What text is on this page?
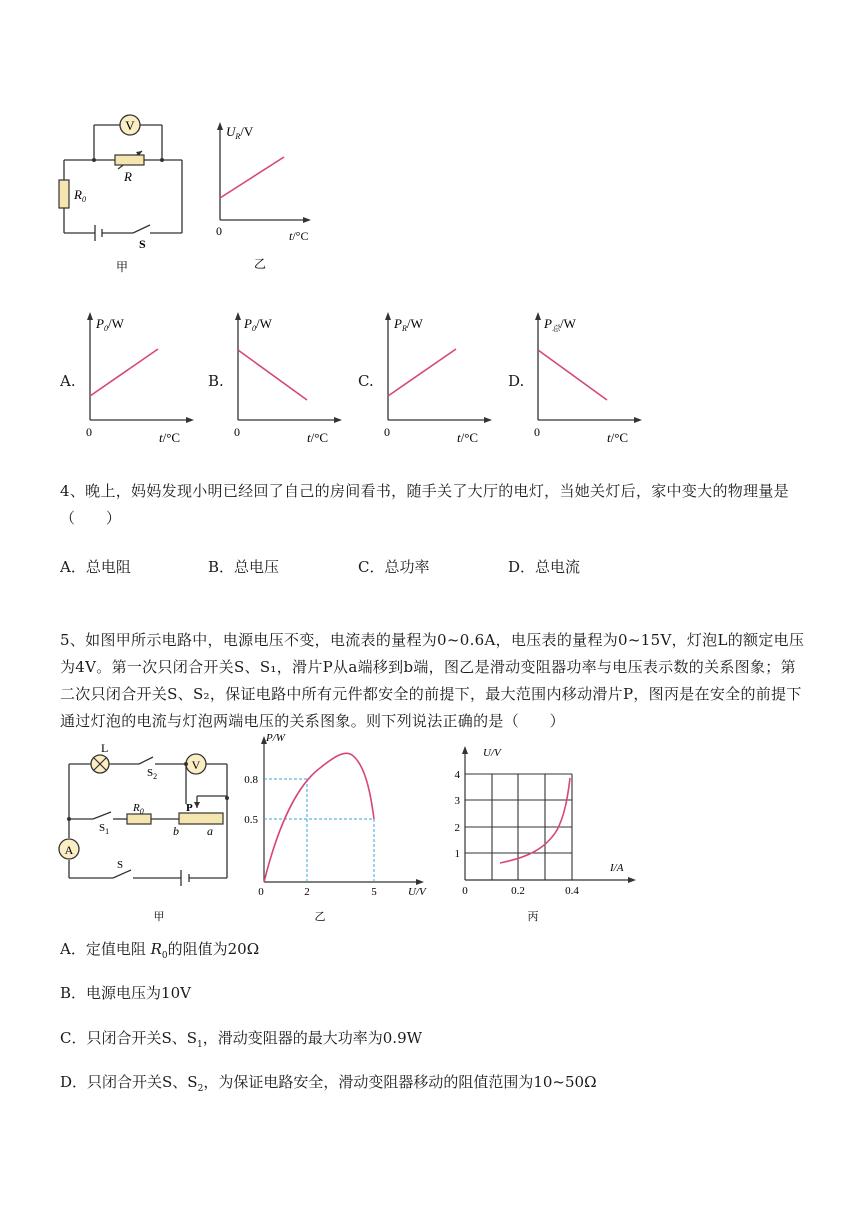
V
R
$R_0$
S
甲
$U_R/V$
0	t/°C
乙
A.
$P_0/W$
0	t/°C
B.
$P_0/W$
0	t/°C
C.
$P_R/W$
0	t/°C
D.
$P_总/W$
0	t/°C
4、晚上，妈妈发现小明已经回了自己的房间看书，随手关了大厅的电灯，当她关灯后，家中变大的物理量是（　　）
A．总电阻	B．总电压	C．总功率	D．总电流
5、如图甲所示电路中，电源电压不变，电流表的量程为0~0.6A，电压表的量程为0~15V，灯泡L的额定电压为4V。第一次只闭合开关S、S₁，滑片P从a端移到b端，图乙是滑动变阻器功率与电压表示数的关系图象；第二次只闭合开关S、S₂，保证电路中所有元件都安全的前提下，最大范围内移动滑片P，图丙是在安全的前提下通过灯泡的电流与灯泡两端电压的关系图象。则下列说法正确的是（　　）
L
$S_2$
V
$S_1$
$R_0$	P
b a
A
S
甲
P/W
0.8
0.5
0	2	5	U/V
乙
U/V
1
2
3
4
0	0.2	0.4
I/A
丙
A．定值电阻 $R_0$的阻值为20Ω
B．电源电压为10V
C．只闭合开关S、$S_1$，滑动变阻器的最大功率为0.9W
D．只闭合开关S、$S_2$，为保证电路安全，滑动变阻器移动的阻值范围为10~50Ω
